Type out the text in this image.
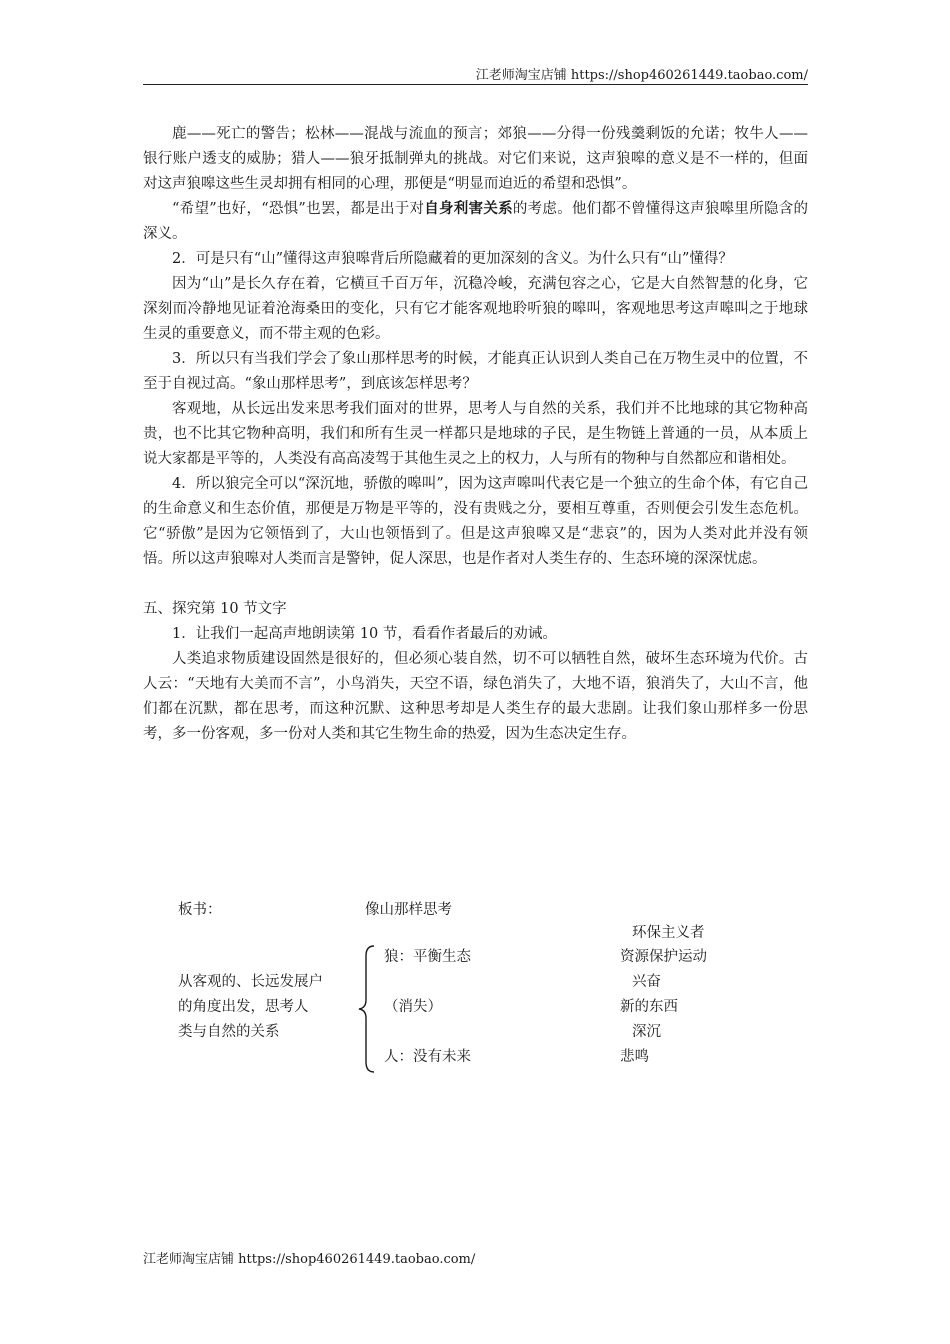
江老师淘宝店铺 https://shop460261449.taobao.com/

鹿——死亡的警告；松林——混战与流血的预言；郊狼——分得一份残羹剩饭的允诺；牧牛人——银行账户透支的威胁；猎人——狼牙抵制弹丸的挑战。对它们来说，这声狼嗥的意义是不一样的，但面对这声狼嗥这些生灵却拥有相同的心理，那便是“明显而迫近的希望和恐惧”。

“希望”也好，“恐惧”也罢，都是出于对自身利害关系的考虑。他们都不曾懂得这声狼嗥里所隐含的深义。

2．可是只有“山”懂得这声狼嗥背后所隐藏着的更加深刻的含义。为什么只有“山”懂得？

因为“山”是长久存在着，它横亘千百万年，沉稳冷峻，充满包容之心，它是大自然智慧的化身，它深刻而冷静地见证着沧海桑田的变化，只有它才能客观地聆听狼的嗥叫，客观地思考这声嗥叫之于地球生灵的重要意义，而不带主观的色彩。

3．所以只有当我们学会了象山那样思考的时候，才能真正认识到人类自己在万物生灵中的位置，不至于自视过高。“象山那样思考”，到底该怎样思考？

客观地，从长远出发来思考我们面对的世界，思考人与自然的关系，我们并不比地球的其它物种高贵，也不比其它物种高明，我们和所有生灵一样都只是地球的子民，是生物链上普通的一员，从本质上说大家都是平等的，人类没有高高凌驾于其他生灵之上的权力，人与所有的物种与自然都应和谐相处。

4．所以狼完全可以“深沉地，骄傲的嗥叫”，因为这声嗥叫代表它是一个独立的生命个体，有它自己的生命意义和生态价值，那便是万物是平等的，没有贵贱之分，要相互尊重，否则便会引发生态危机。它“骄傲”是因为它领悟到了，大山也领悟到了。但是这声狼嗥又是“悲哀”的，因为人类对此并没有领悟。所以这声狼嗥对人类而言是警钟，促人深思，也是作者对人类生存的、生态环境的深深忧虑。

五、探究第 10 节文字

1．让我们一起高声地朗读第 10 节，看看作者最后的劝诫。

人类追求物质建设固然是很好的，但必须心装自然，切不可以牺牲自然，破坏生态环境为代价。古人云：“天地有大美而不言”，小鸟消失，天空不语，绿色消失了，大地不语，狼消失了，大山不言，他们都在沉默，都在思考，而这种沉默、这种思考却是人类生存的最大悲剧。让我们象山那样多一份思考，多一份客观，多一份对人类和其它生物生命的热爱，因为生态决定生存。

板书：	像山那样思考
从客观的、长远发展户
的角度出发，思考人
类与自然的关系
狼：平衡生态
（消失）
人：没有未来
环保主义者
资源保护运动
兴奋
新的东西
深沉
悲鸣
江老师淘宝店铺 https://shop460261449.taobao.com/
